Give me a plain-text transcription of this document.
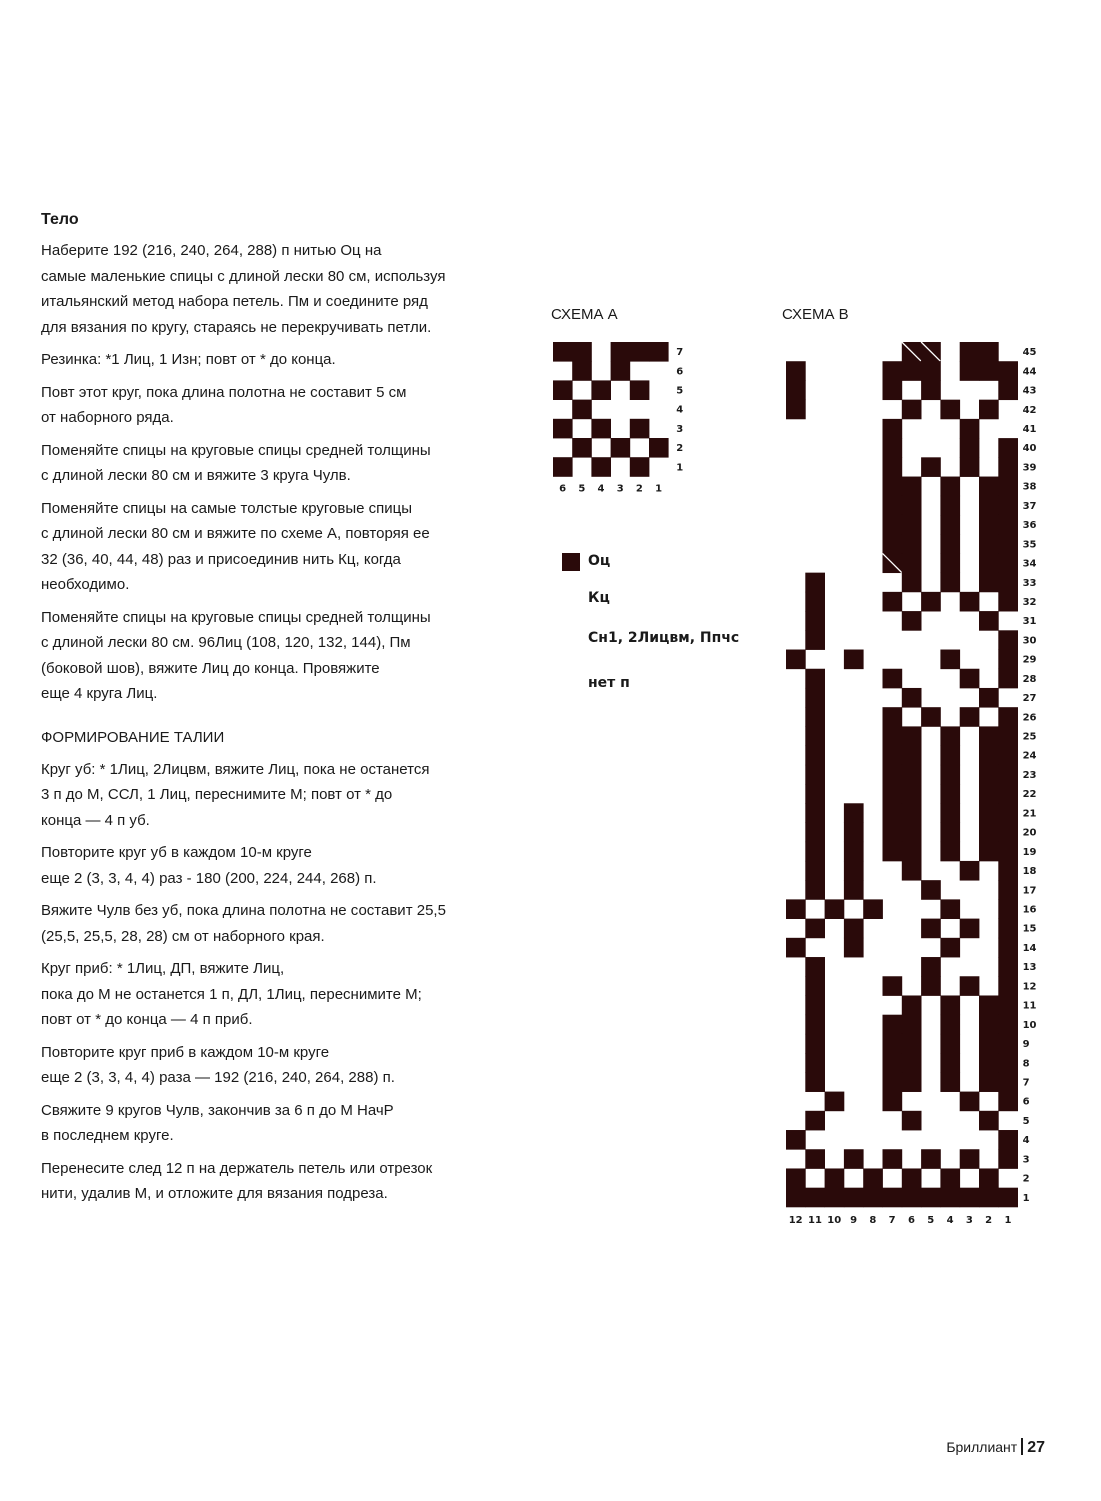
Тело
Наберите 192 (216, 240, 264, 288) п нитью Оц на
самые маленькие спицы с длиной лески 80 см, используя
итальянский метод набора петель. Пм и соедините ряд
для вязания по кругу, стараясь не перекручивать петли.
Резинка: *1 Лиц, 1 Изн; повт от * до конца.
Повт этот круг, пока длина полотна не составит 5 см
от наборного ряда.
Поменяйте спицы на круговые спицы средней толщины
с длиной лески 80 см и вяжите 3 круга Чулв.
Поменяйте спицы на самые толстые круговые спицы
с длиной лески 80 см и вяжите по схеме А, повторяя ее
32 (36, 40, 44, 48) раз и присоединив нить Кц, когда
необходимо.
Поменяйте спицы на круговые спицы средней толщины
с длиной лески 80 см. 96Лиц (108, 120, 132, 144), Пм
(боковой шов), вяжите Лиц до конца. Провяжите
еще 4 круга Лиц.
ФОРМИРОВАНИЕ ТАЛИИ
Круг уб: * 1Лиц, 2Лицвм, вяжите Лиц, пока не останется
3 п до М, ССЛ, 1 Лиц, переснимите М; повт от * до
конца — 4 п уб.
Повторите круг уб в каждом 10-м круге
еще 2 (3, 3, 4, 4) раз - 180 (200, 224, 244, 268) п.
Вяжите Чулв без уб, пока длина полотна не составит 25,5
(25,5, 25,5, 28, 28) см от наборного края.
Круг приб: * 1Лиц, ДП, вяжите Лиц,
пока до М не останется 1 п, ДЛ, 1Лиц, переснимите М;
повт от * до конца — 4 п приб.
Повторите круг приб в каждом 10-м круге
еще 2 (3, 3, 4, 4) раза — 192 (216, 240, 264, 288) п.
Свяжите 9 кругов Чулв, закончив за 6 п до М НачР
в последнем круге.
Перенесите след 12 п на держатель петель или отрезок
нити, удалив М, и отложите для вязания подреза.
СХЕМА А
7
6
5
4
3
2
1
6 5 4 3 2 1
СХЕМА В
45
44
43
42
41
40
39
38
37
36
35
34
33
32
31
30
29
28
27
26
25
24
23
22
21
20
19
18
17
16
15
14
13
12
11
10
9
8
7
6
5
4
3
2
1
12 11 10 9 8 7 6 5 4 3 2 1
Оц
Кц
Сн1, 2Лицвм, Ппчс
нет п
Бриллиант 27
